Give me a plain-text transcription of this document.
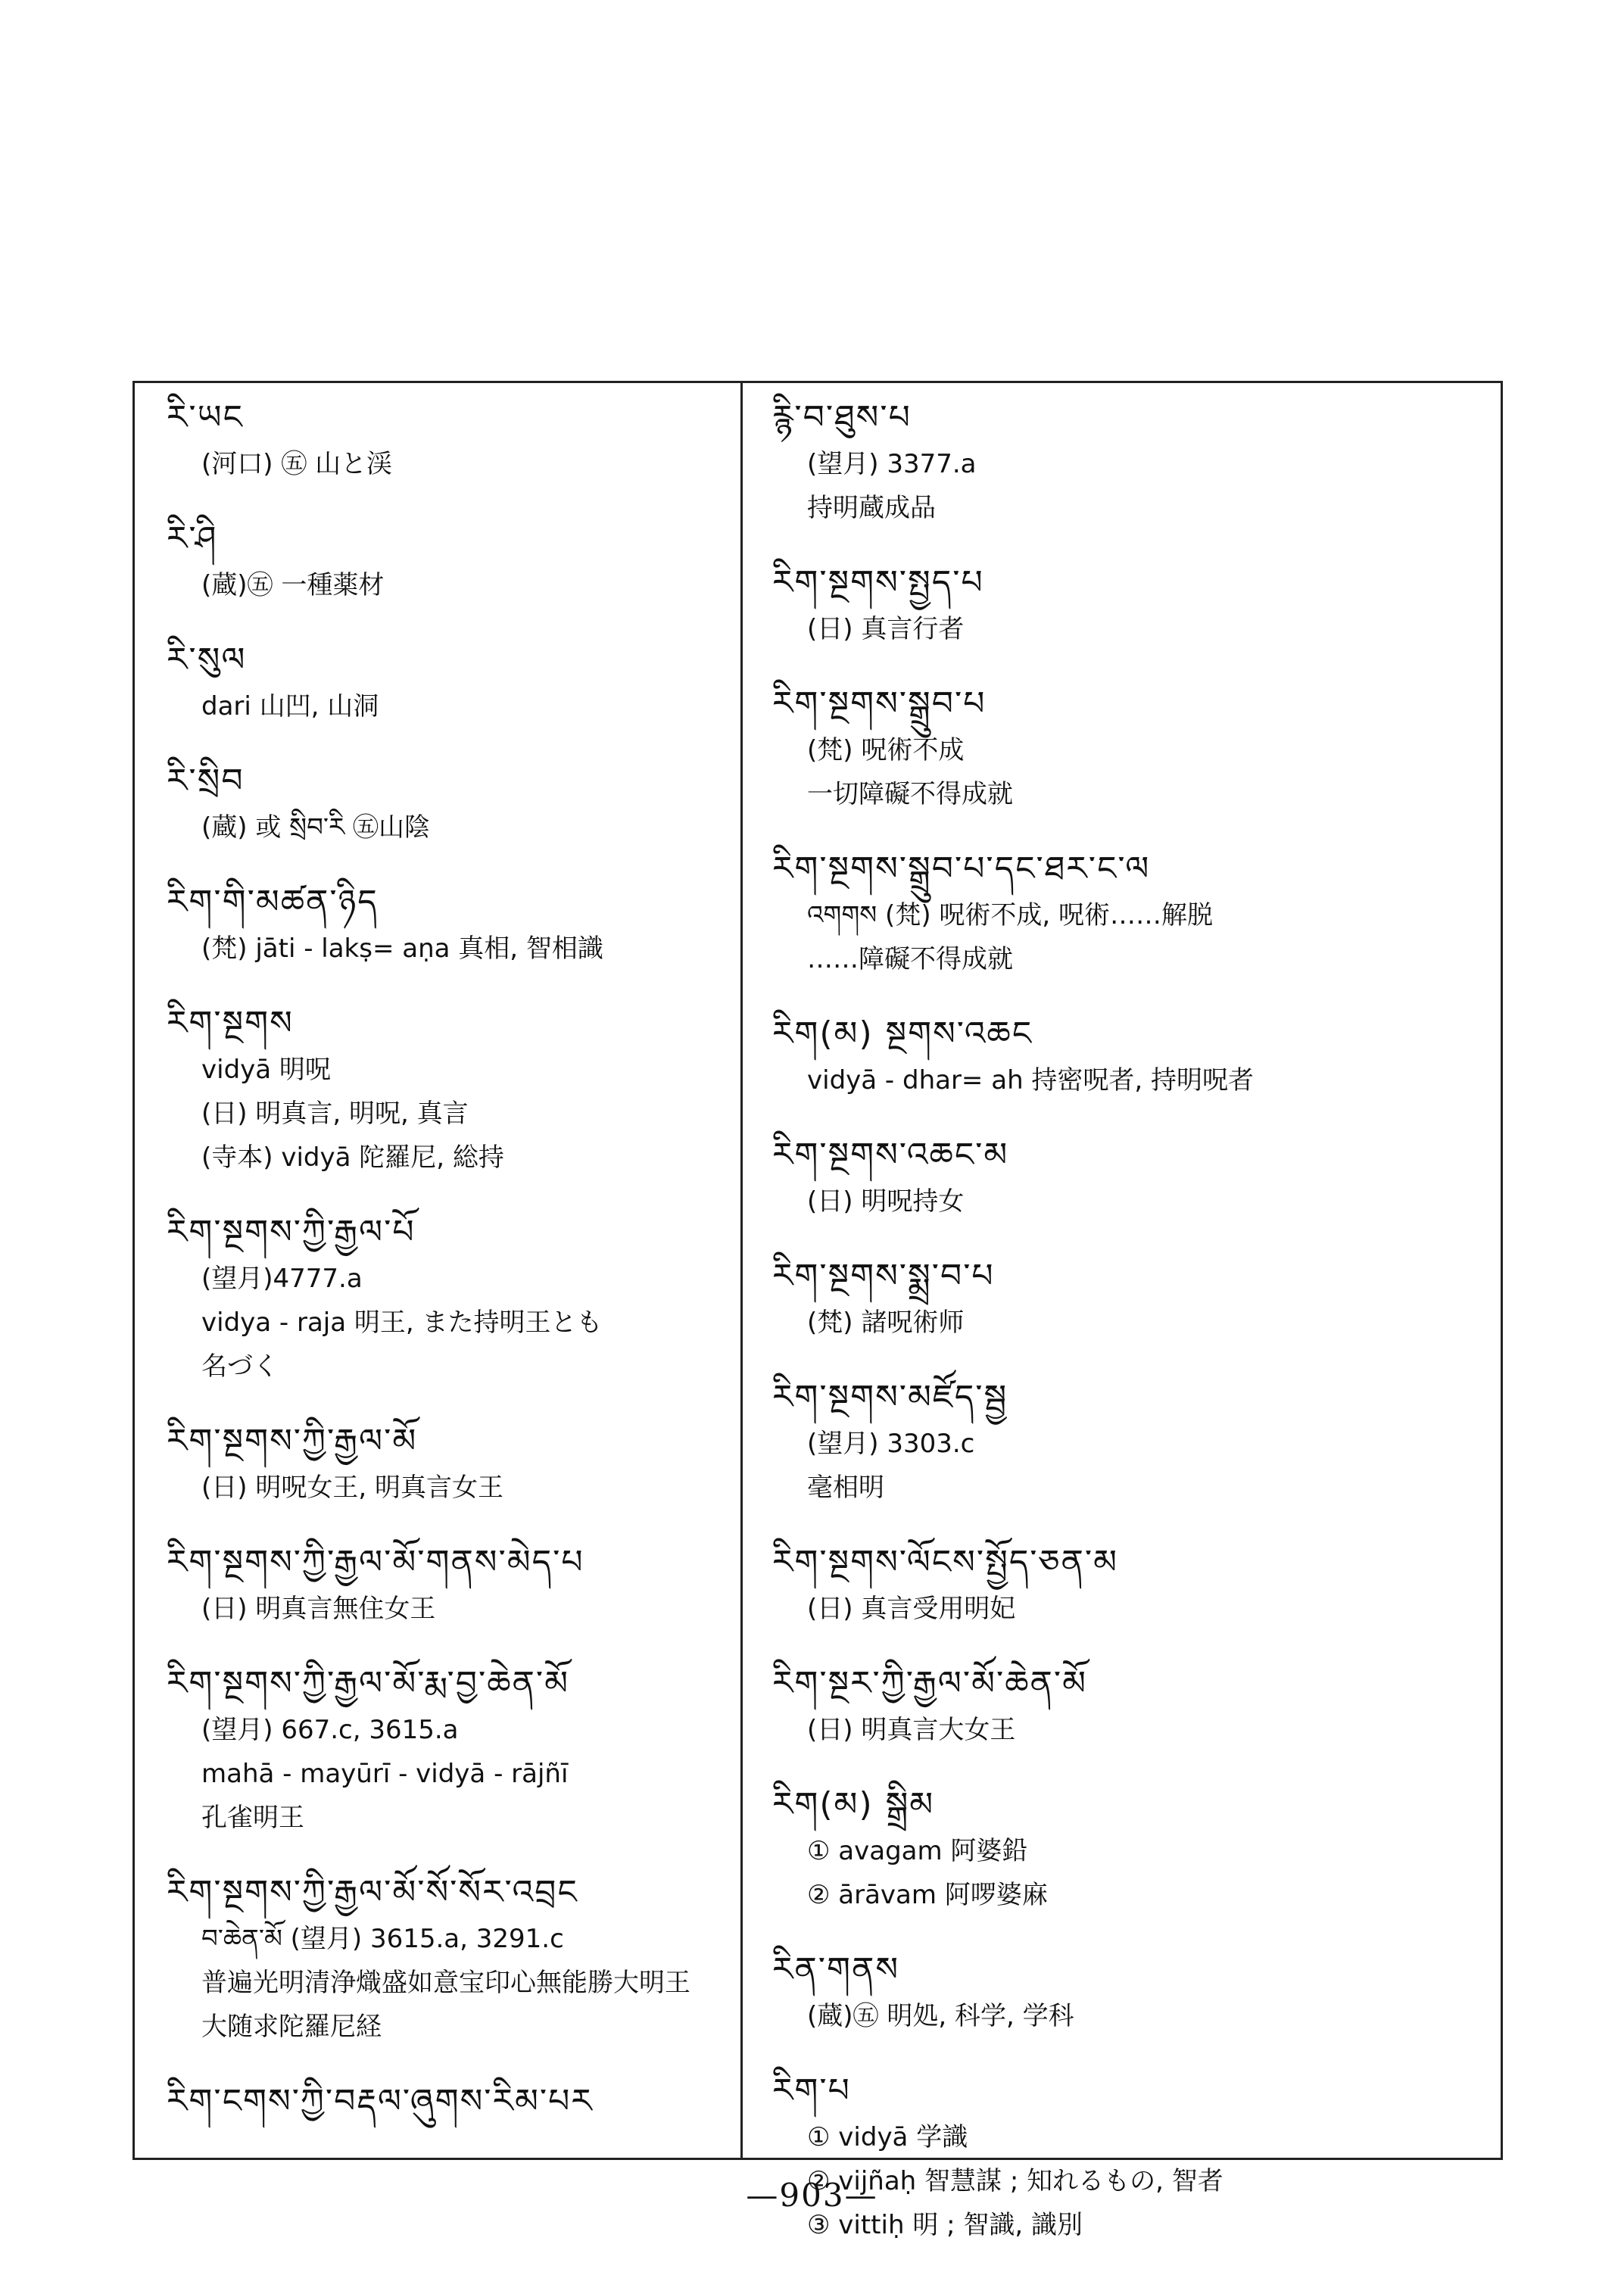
རི་ཡང
(河口) ㊄ 山と渓
རི་ཤི
(蔵)㊄ 一種薬材
རི་སུལ
dari 山凹, 山洞
རི་སྲིབ
(蔵) 或 སྲིབ་རི ㊄山陰
རིག་གི་མཚན་ཉིད
(梵) jāti - lakṣ= aṇa 真相, 智相識
རིག་སྔགས
vidyā 明呪
(日) 明真言, 明呪, 真言
(寺本) vidyā 陀羅尼, 総持
རིག་སྔགས་ཀྱི་རྒྱལ་པོ
(望月)4777.a
vidya - raja 明王, また持明王とも
名づく
རིག་སྔགས་ཀྱི་རྒྱལ་མོ
(日) 明呪女王, 明真言女王
རིག་སྔགས་ཀྱི་རྒྱལ་མོ་གནས་མེད་པ
(日) 明真言無住女王
རིག་སྔགས་ཀྱི་རྒྱལ་མོ་རྨ་བྱ་ཆེན་མོ
(望月) 667.c, 3615.a
mahā - mayūrī - vidyā - rājñī
孔雀明王
རིག་སྔགས་ཀྱི་རྒྱལ་མོ་སོ་སོར་འབྲང
བ་ཆེན་མོ (望月) 3615.a, 3291.c
普遍光明清浄熾盛如意宝印心無能勝大明王
大随求陀羅尼経
རིག་ངགས་ཀྱི་བརྡལ་ཞུགས་རིམ་པར
རྙི་བ་ཐུས་པ
(望月) 3377.a
持明蔵成品
རིག་སྔགས་སྤྱད་པ
(日) 真言行者
རིག་སྔགས་སྒྲུབ་པ
(梵) 呪術不成
一切障礙不得成就
རིག་སྔགས་སྒྲུབ་པ་དང་ཐར་ང་ལ
འགགས (梵) 呪術不成, 呪術……解脱
……障礙不得成就
རིག(མ) སྔགས་འཆང
vidyā - dhar= ah 持密呪者, 持明呪者
རིག་སྔགས་འཆང་མ
(日) 明呪持女
རིག་སྔགས་སྨྲ་བ་པ
(梵) 諸呪術师
རིག་སྔགས་མཛོད་སྦྱ
(望月) 3303.c
毫相明
རིག་སྔགས་ལོངས་སྤྱོད་ཅན་མ
(日) 真言受用明妃
རིག་སྔར་ཀྱི་རྒྱལ་མོ་ཆེན་མོ
(日) 明真言大女王
རིག(མ) སྒྲིམ
① avagam 阿婆鉛
② ārāvam 阿啰婆麻
རིན་གནས
(蔵)㊄ 明処, 科学, 学科
རིག་པ
① vidyā 学識
② vijñaḥ 智慧謀 ; 知れるもの, 智者
③ vittiḥ 明 ; 智識, 識別
—903—
